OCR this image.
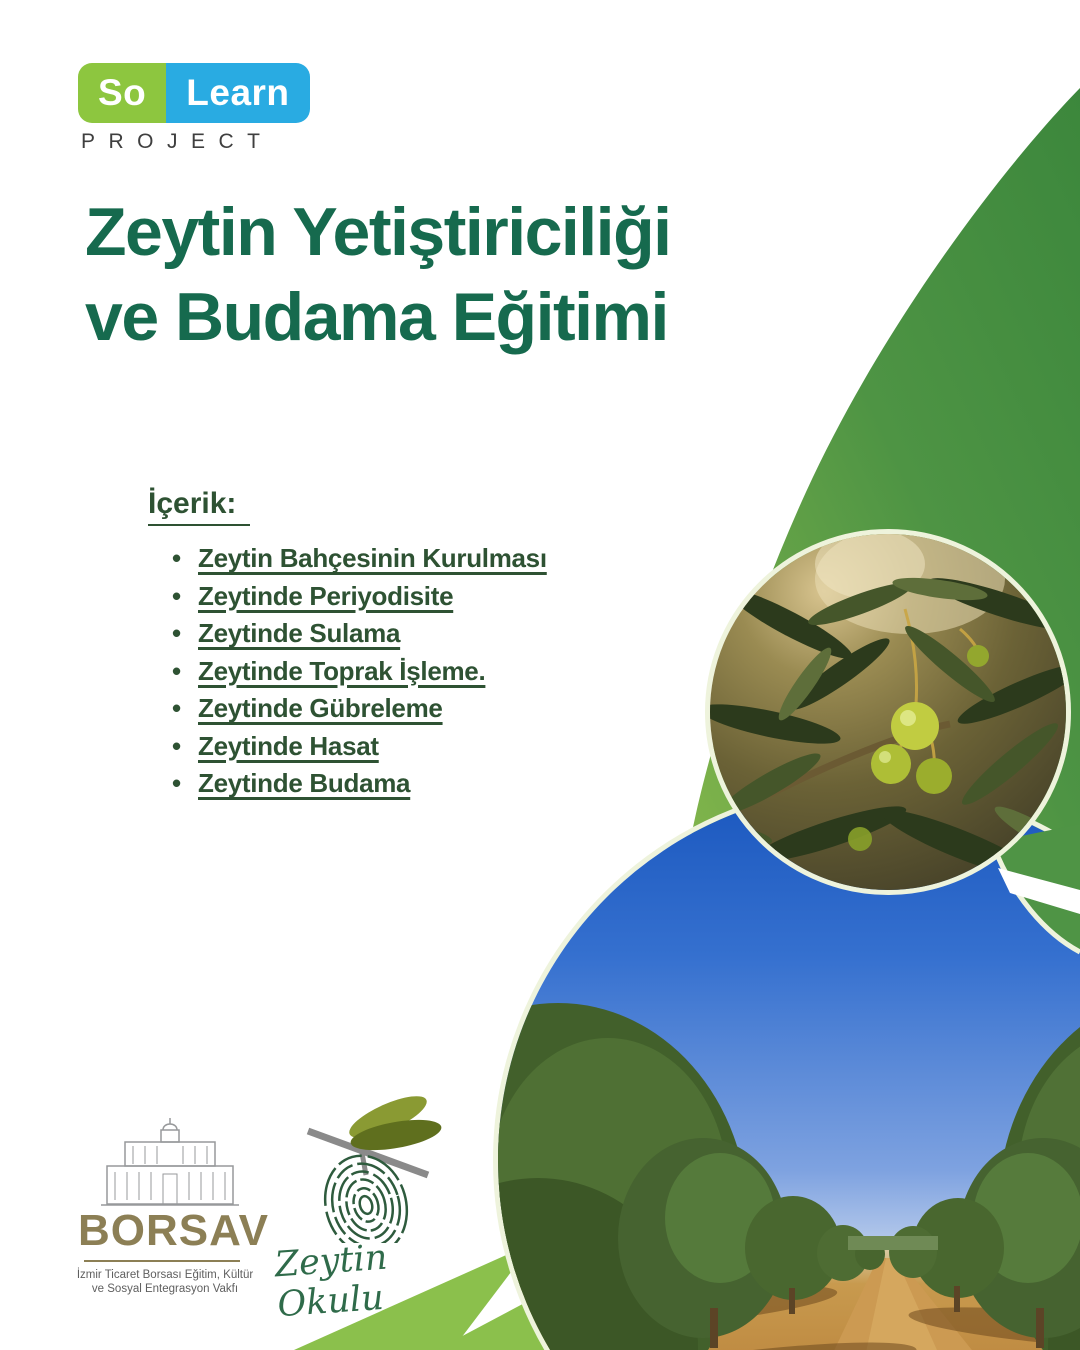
So	Learn
PROJECT
Zeytin Yetiştiriciliği
ve Budama Eğitimi
İçerik:
• Zeytin Bahçesinin Kurulması
• Zeytinde Periyodisite
• Zeytinde Sulama
• Zeytinde Toprak İşleme.
• Zeytinde Gübreleme
• Zeytinde Hasat
• Zeytinde Budama
BORSAV
İzmir Ticaret Borsası Eğitim, Kültür
ve Sosyal Entegrasyon Vakfı
Zeytin Okulu
